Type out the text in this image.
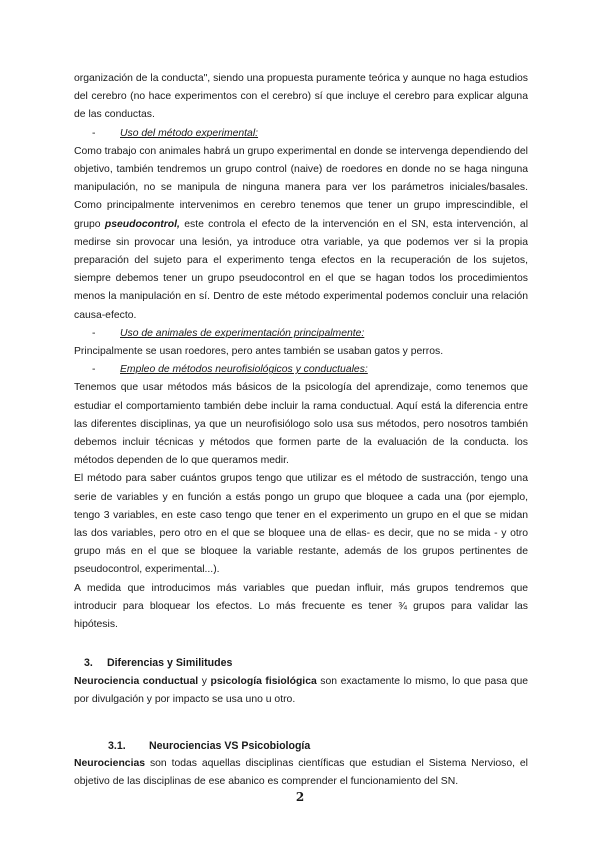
organización de la conducta", siendo una propuesta puramente teórica y aunque no haga estudios del cerebro (no hace experimentos con el cerebro) sí que incluye el cerebro para explicar alguna de las conductas.

- Uso del método experimental:

Como trabajo con animales habrá un grupo experimental en donde se intervenga dependiendo del objetivo, también tendremos un grupo control (naive) de roedores en donde no se haga ninguna manipulación, no se manipula de ninguna manera para ver los parámetros iniciales/basales. Como principalmente intervenimos en cerebro tenemos que tener un grupo imprescindible, el grupo pseudocontrol, este controla el efecto de la intervención en el SN, esta intervención, al medirse sin provocar una lesión, ya introduce otra variable, ya que podemos ver si la propia preparación del sujeto para el experimento tenga efectos en la recuperación de los sujetos, siempre debemos tener un grupo pseudocontrol en el que se hagan todos los procedimientos menos la manipulación en sí. Dentro de este método experimental podemos concluir una relación causa-efecto.

- Uso de animales de experimentación principalmente:

Principalmente se usan roedores, pero antes también se usaban gatos y perros.

- Empleo de métodos neurofisiológicos y conductuales:

Tenemos que usar métodos más básicos de la psicología del aprendizaje, como tenemos que estudiar el comportamiento también debe incluir la rama conductual. Aquí está la diferencia entre las diferentes disciplinas, ya que un neurofisiólogo solo usa sus métodos, pero nosotros también debemos incluir técnicas y métodos que formen parte de la evaluación de la conducta. los métodos dependen de lo que queramos medir.

El método para saber cuántos grupos tengo que utilizar es el método de sustracción, tengo una serie de variables y en función a estás pongo un grupo que bloquee a cada una (por ejemplo, tengo 3 variables, en este caso tengo que tener en el experimento un grupo en el que se midan las dos variables, pero otro en el que se bloquee una de ellas- es decir, que no se mida - y otro grupo más en el que se bloquee la variable restante, además de los grupos pertinentes de pseudocontrol, experimental...).

A medida que introducimos más variables que puedan influir, más grupos tendremos que introducir para bloquear los efectos. Lo más frecuente es tener ¾ grupos para validar las hipótesis.

3. Diferencias y Similitudes

Neurociencia conductual y psicología fisiológica son exactamente lo mismo, lo que pasa que por divulgación y por impacto se usa uno u otro.

3.1. Neurociencias VS Psicobiología

Neurociencias son todas aquellas disciplinas científicas que estudian el Sistema Nervioso, el objetivo de las disciplinas de ese abanico es comprender el funcionamiento del SN.

2
